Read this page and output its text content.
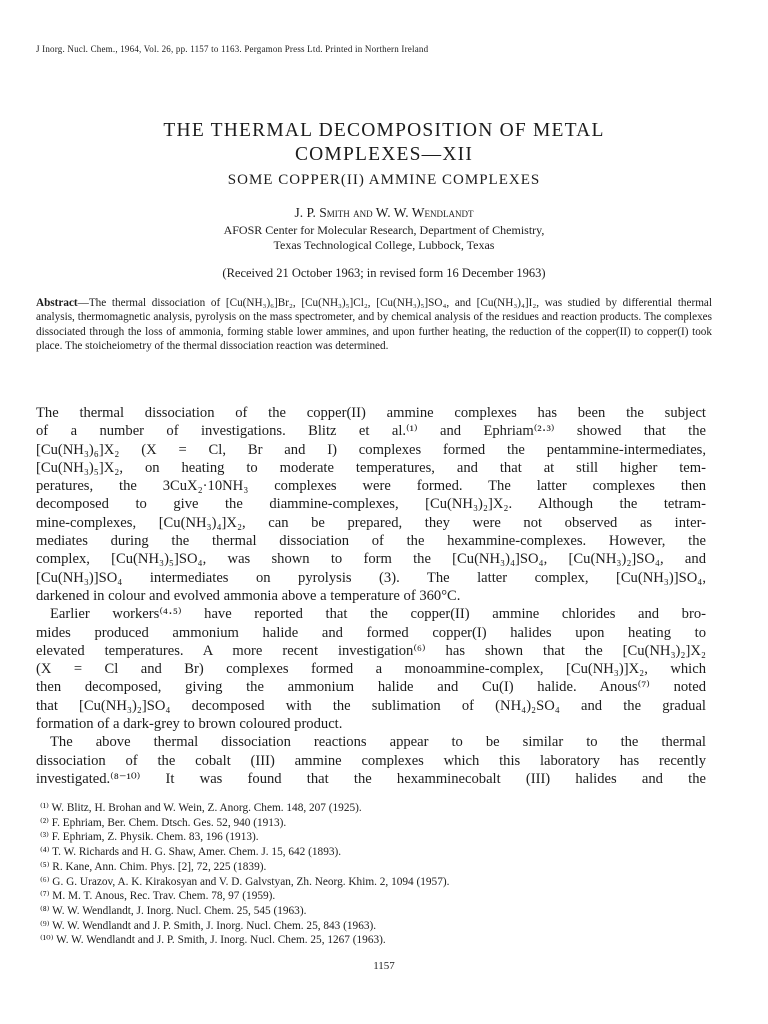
J Inorg. Nucl. Chem., 1964, Vol. 26, pp. 1157 to 1163. Pergamon Press Ltd. Printed in Northern Ireland
THE THERMAL DECOMPOSITION OF METAL
COMPLEXES—XII
SOME COPPER(II) AMMINE COMPLEXES
J. P. Smith and W. W. Wendlandt
AFOSR Center for Molecular Research, Department of Chemistry,
Texas Technological College, Lubbock, Texas
(Received 21 October 1963; in revised form 16 December 1963)
Abstract—The thermal dissociation of [Cu(NH₃)₆]Br₂, [Cu(NH₃)₅]Cl₂, [Cu(NH₃)₅]SO₄, and [Cu(NH₃)₄]I₂, was studied by differential thermal analysis, thermomagnetic analysis, pyrolysis on the mass spectrometer, and by chemical analysis of the residues and reaction products. The complexes dissociated through the loss of ammonia, forming stable lower ammines, and upon further heating, the reduction of the copper(II) to copper(I) took place. The stoicheiometry of the thermal dissociation reaction was determined.
The thermal dissociation of the copper(II) ammine complexes has been the subject
of a number of investigations. Blitz et al.⁽¹⁾ and Ephriam⁽²·³⁾ showed that the
[Cu(NH₃)₆]X₂ (X = Cl, Br and I) complexes formed the pentammine-intermediates,
[Cu(NH₃)₅]X₂, on heating to moderate temperatures, and that at still higher tem-
peratures, the 3CuX₂·10NH₃ complexes were formed. The latter complexes then
decomposed to give the diammine-complexes, [Cu(NH₃)₂]X₂. Although the tetram-
mine-complexes, [Cu(NH₃)₄]X₂, can be prepared, they were not observed as inter-
mediates during the thermal dissociation of the hexammine-complexes. However, the
complex, [Cu(NH₃)₅]SO₄, was shown to form the [Cu(NH₃)₄]SO₄, [Cu(NH₃)₂]SO₄, and
[Cu(NH₃)]SO₄ intermediates on pyrolysis (3). The latter complex, [Cu(NH₃)]SO₄,
darkened in colour and evolved ammonia above a temperature of 360°C.
Earlier workers⁽⁴·⁵⁾ have reported that the copper(II) ammine chlorides and bro-
mides produced ammonium halide and formed copper(I) halides upon heating to
elevated temperatures. A more recent investigation⁽⁶⁾ has shown that the [Cu(NH₃)₂]X₂
(X = Cl and Br) complexes formed a monoammine-complex, [Cu(NH₃)]X₂, which
then decomposed, giving the ammonium halide and Cu(I) halide. Anous⁽⁷⁾ noted
that [Cu(NH₃)₂]SO₄ decomposed with the sublimation of (NH₄)₂SO₄ and the gradual
formation of a dark-grey to brown coloured product.
The above thermal dissociation reactions appear to be similar to the thermal
dissociation of the cobalt (III) ammine complexes which this laboratory has recently
investigated.⁽⁸⁻¹⁰⁾ It was found that the hexamminecobalt (III) halides and the
⁽¹⁾ W. Blitz, H. Brohan and W. Wein, Z. Anorg. Chem. 148, 207 (1925).
⁽²⁾ F. Ephriam, Ber. Chem. Dtsch. Ges. 52, 940 (1913).
⁽³⁾ F. Ephriam, Z. Physik. Chem. 83, 196 (1913).
⁽⁴⁾ T. W. Richards and H. G. Shaw, Amer. Chem. J. 15, 642 (1893).
⁽⁵⁾ R. Kane, Ann. Chim. Phys. [2], 72, 225 (1839).
⁽⁶⁾ G. G. Urazov, A. K. Kirakosyan and V. D. Galvstyan, Zh. Neorg. Khim. 2, 1094 (1957).
⁽⁷⁾ M. M. T. Anous, Rec. Trav. Chem. 78, 97 (1959).
⁽⁸⁾ W. W. Wendlandt, J. Inorg. Nucl. Chem. 25, 545 (1963).
⁽⁹⁾ W. W. Wendlandt and J. P. Smith, J. Inorg. Nucl. Chem. 25, 843 (1963).
⁽¹⁰⁾ W. W. Wendlandt and J. P. Smith, J. Inorg. Nucl. Chem. 25, 1267 (1963).
1157
